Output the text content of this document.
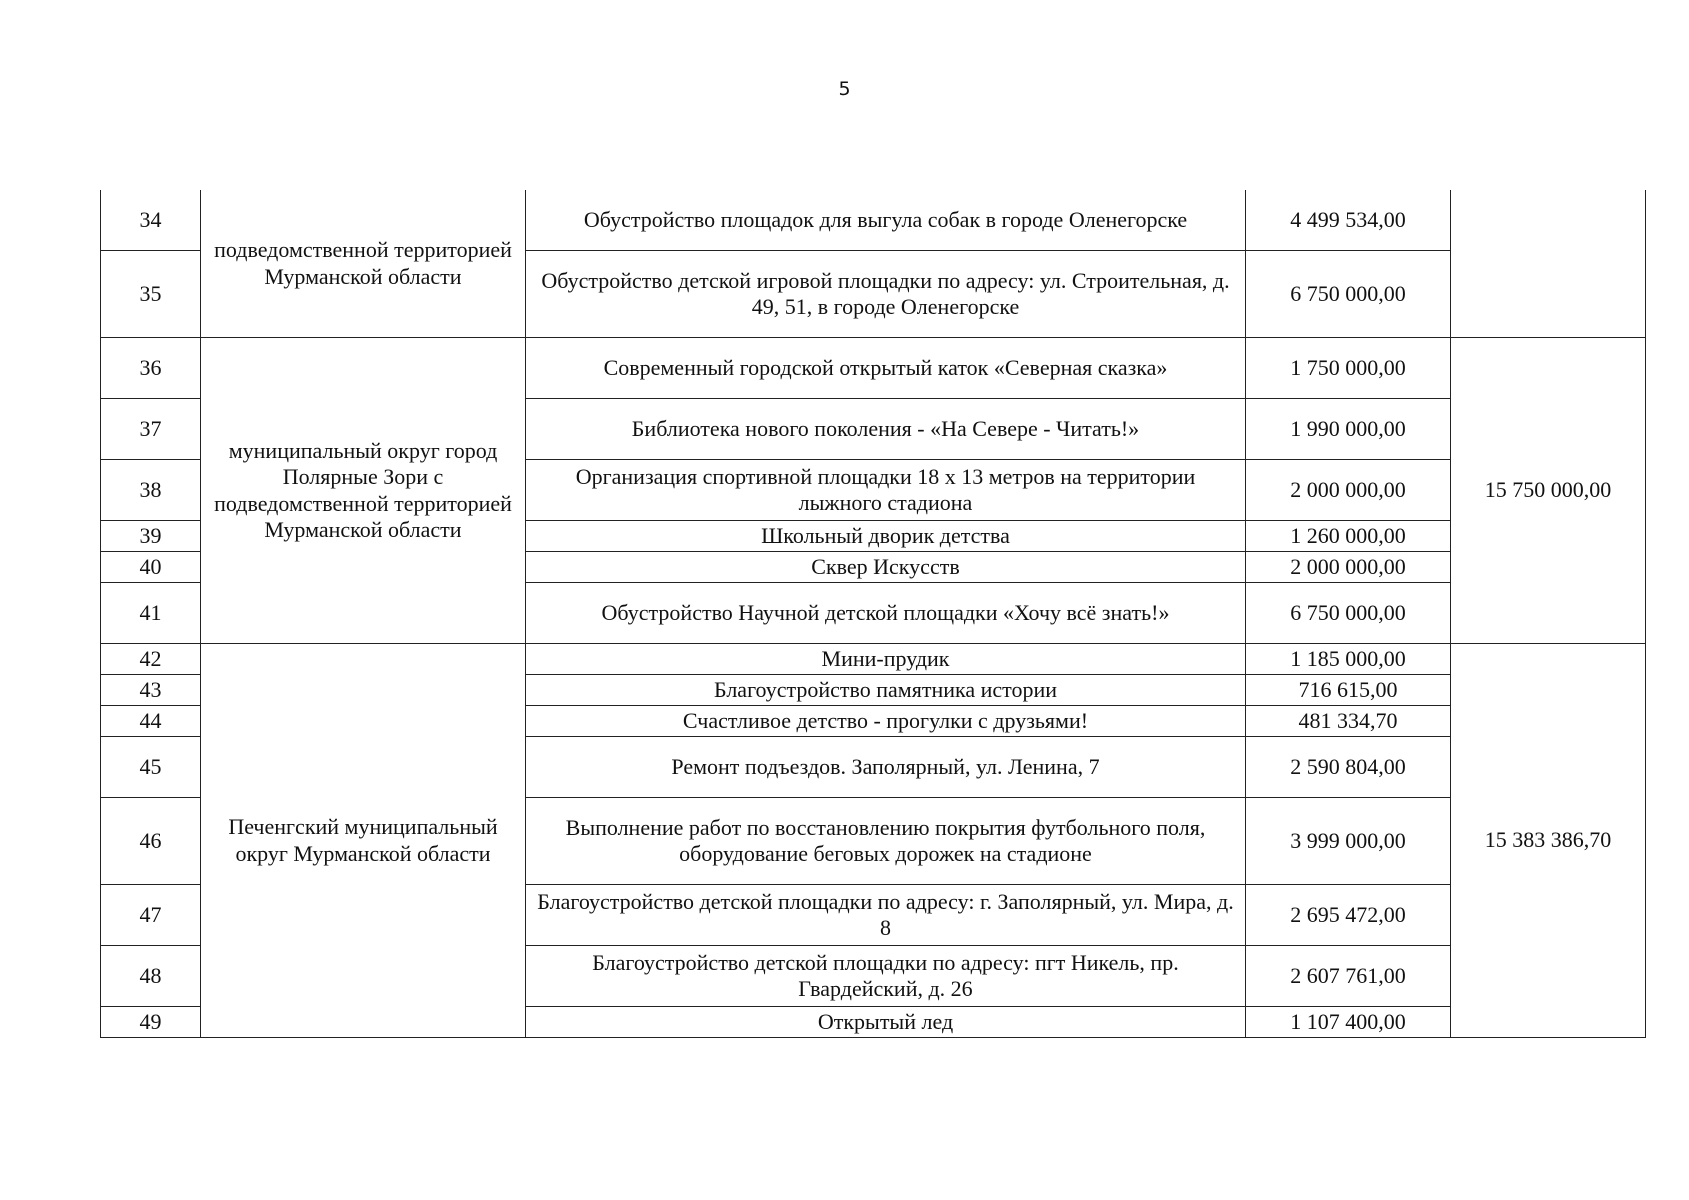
5
34	подведомственной территорией Мурманской области	Обустройство площадок для выгула собак в городе Оленегорске	4 499 534,00	
35		Обустройство детской игровой площадки по адресу: ул. Строительная, д. 49, 51, в городе Оленегорске	6 750 000,00	
36	муниципальный округ город Полярные Зори с подведомственной территорией Мурманской области	Современный городской открытый каток «Северная сказка»	1 750 000,00	15 750 000,00
37		Библиотека нового поколения - «На Севере - Читать!»	1 990 000,00	
38		Организация спортивной площадки 18 х 13 метров на территории лыжного стадиона	2 000 000,00	
39		Школьный дворик детства	1 260 000,00	
40		Сквер Искусств	2 000 000,00	
41		Обустройство Научной детской площадки «Хочу всё знать!»	6 750 000,00	
42	Печенгский муниципальный округ Мурманской области	Мини-прудик	1 185 000,00	15 383 386,70
43		Благоустройство памятника истории	716 615,00	
44		Счастливое детство - прогулки с друзьями!	481 334,70	
45		Ремонт подъездов. Заполярный, ул. Ленина, 7	2 590 804,00	
46		Выполнение работ по восстановлению покрытия футбольного поля, оборудование беговых дорожек на стадионе	3 999 000,00	
47		Благоустройство детской площадки по адресу: г. Заполярный, ул. Мира, д. 8	2 695 472,00	
48		Благоустройство детской площадки по адресу: пгт Никель, пр. Гвардейский, д. 26	2 607 761,00	
49		Открытый лед	1 107 400,00	
